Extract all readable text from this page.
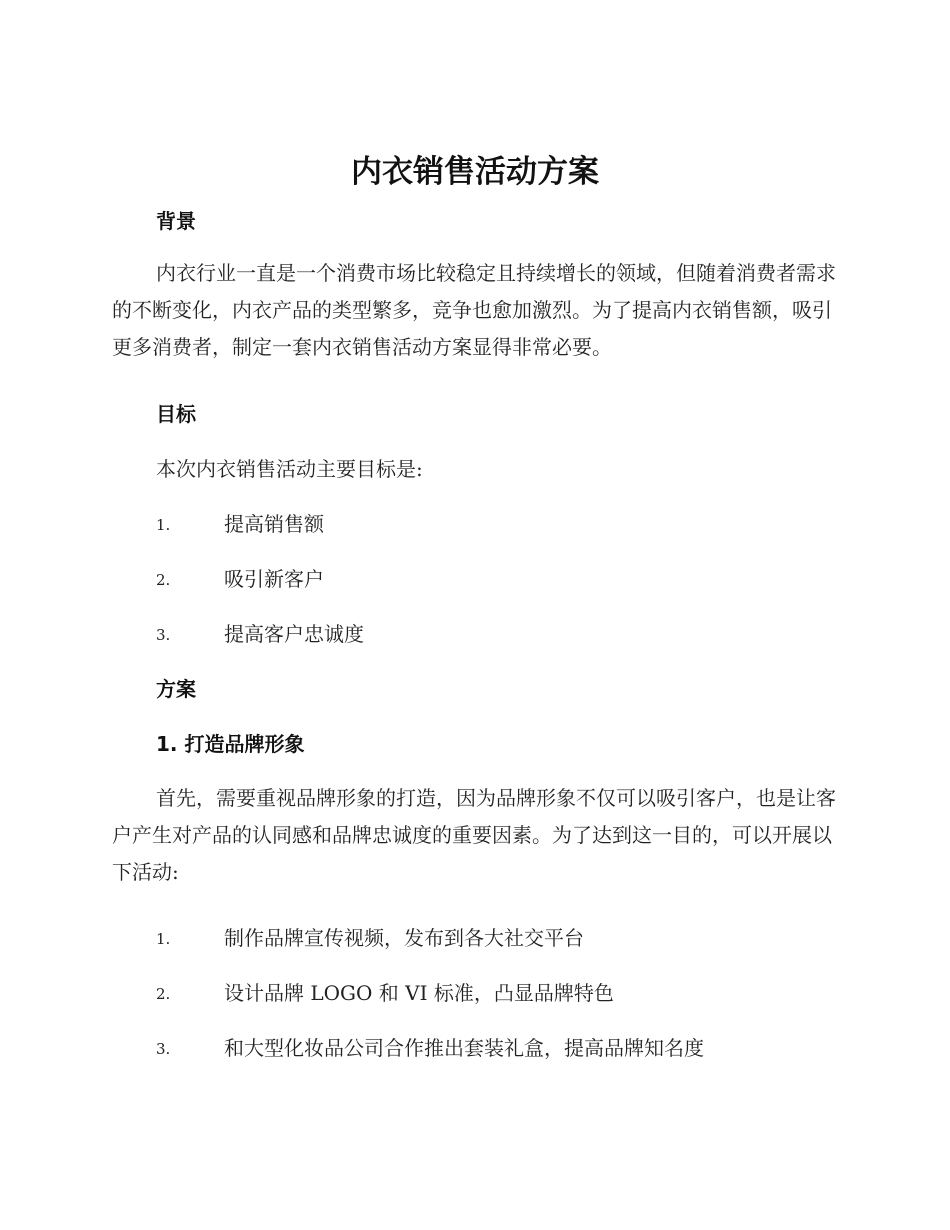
内衣销售活动方案
背景
内衣行业一直是一个消费市场比较稳定且持续增长的领域，但随着消费者需求的不断变化，内衣产品的类型繁多，竞争也愈加激烈。为了提高内衣销售额，吸引更多消费者，制定一套内衣销售活动方案显得非常必要。
目标
本次内衣销售活动主要目标是:
1.	提高销售额
2.	吸引新客户
3.	提高客户忠诚度
方案
1. 打造品牌形象
首先，需要重视品牌形象的打造，因为品牌形象不仅可以吸引客户，也是让客户产生对产品的认同感和品牌忠诚度的重要因素。为了达到这一目的，可以开展以下活动:
1.	制作品牌宣传视频，发布到各大社交平台
2.	设计品牌 LOGO 和 VI 标准，凸显品牌特色
3.	和大型化妆品公司合作推出套装礼盒，提高品牌知名度
